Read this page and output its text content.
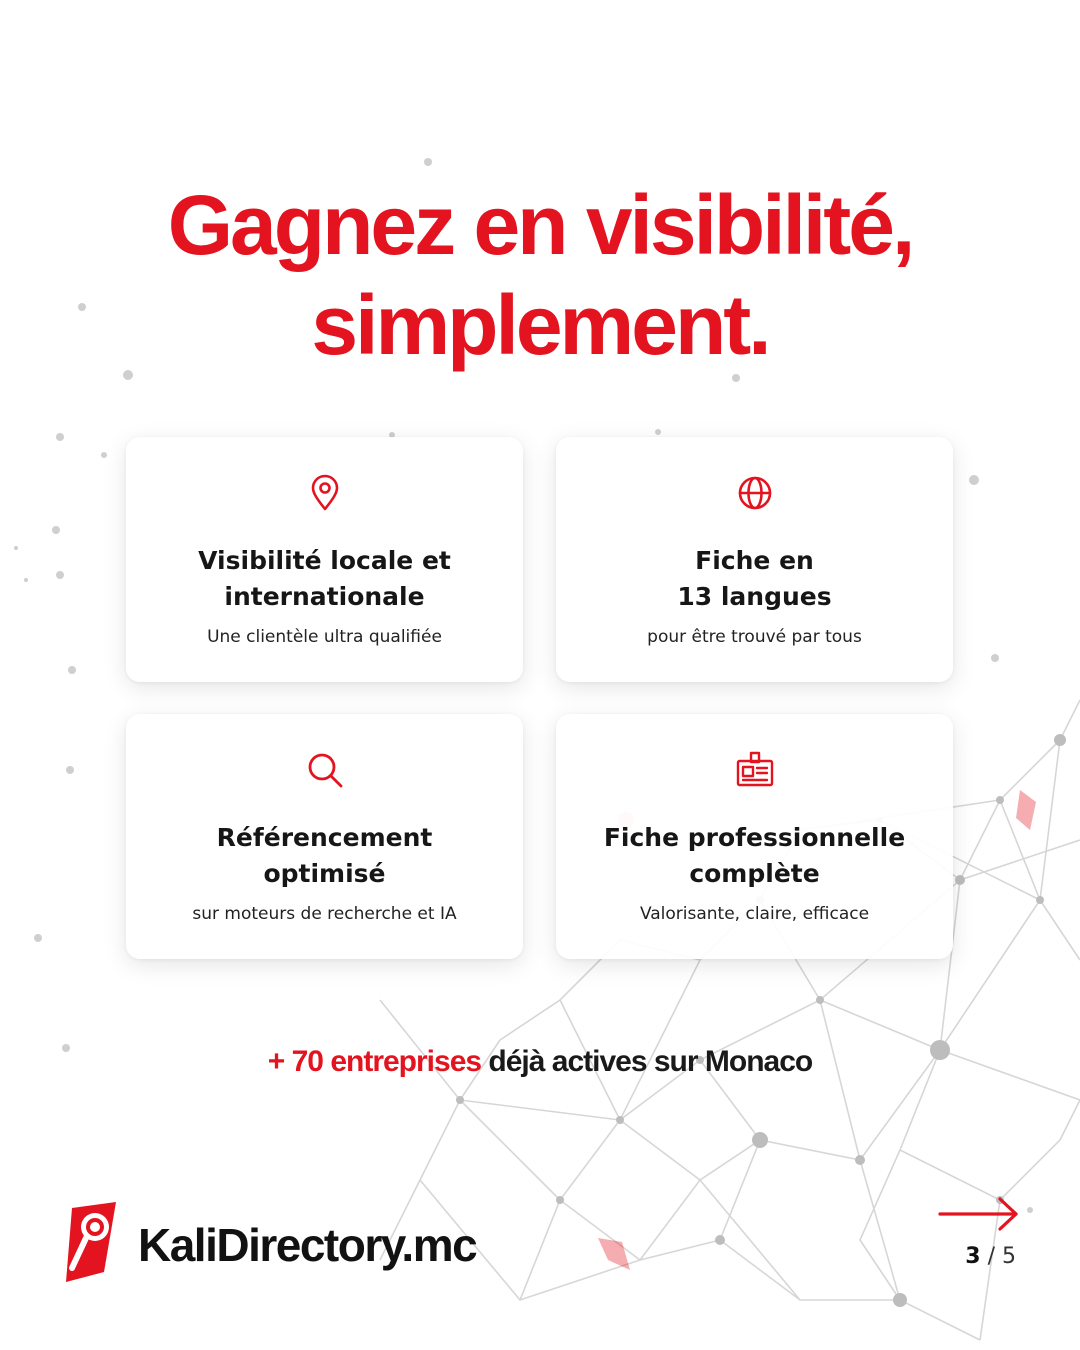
Gagnez en visibilité,
simplement.
Visibilité locale et
internationale
Une clientèle ultra qualifiée
Fiche en
13 langues
pour être trouvé par tous
Référencement
optimisé
sur moteurs de recherche et IA
Fiche professionnelle
complète
Valorisante, claire, efficace
+ 70 entreprises déjà actives sur Monaco
KaliDirectory.mc	3 / 5
